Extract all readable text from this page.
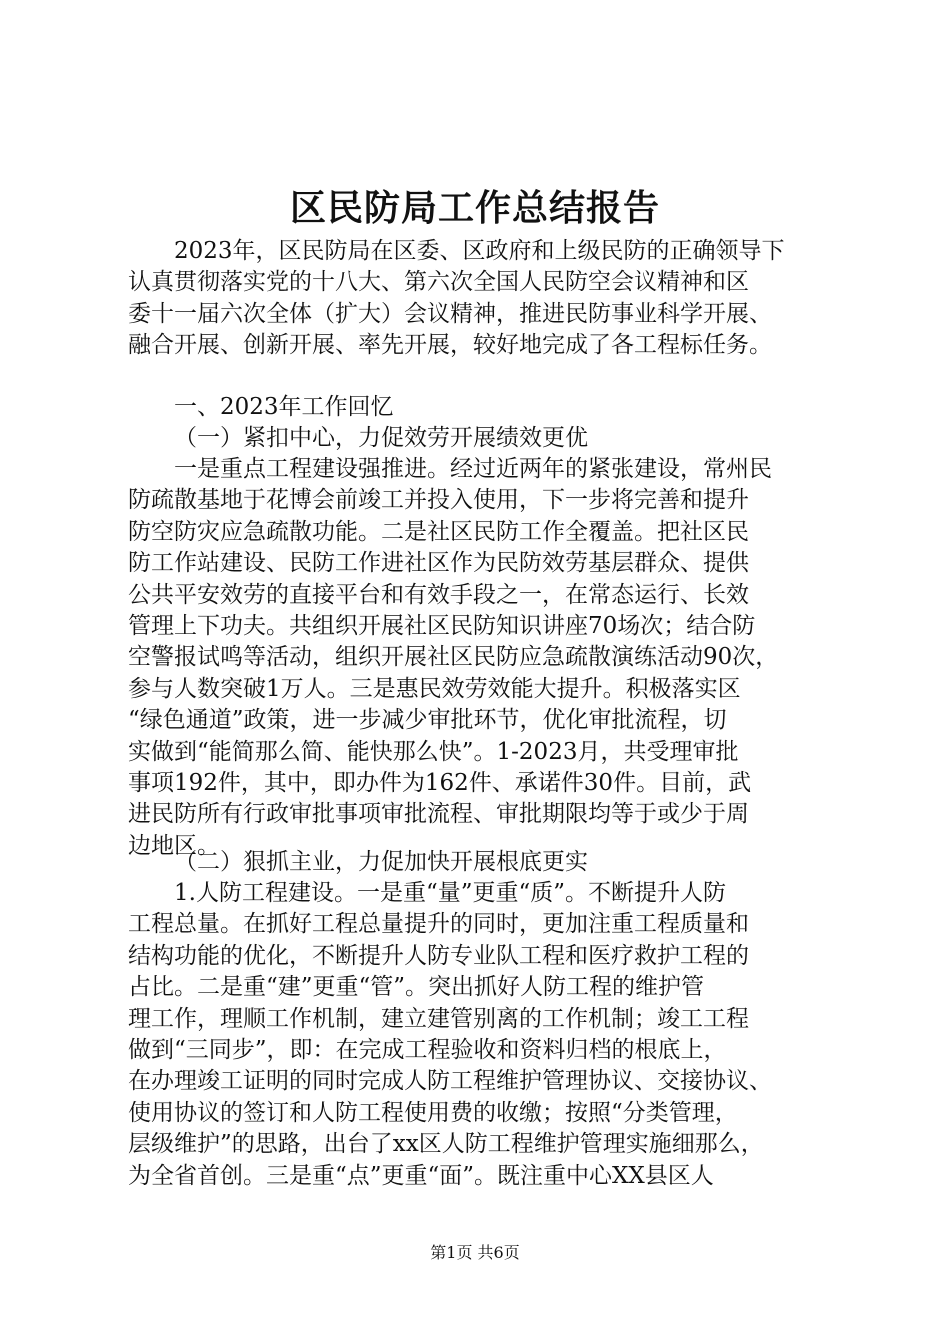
区民防局工作总结报告
2023年，区民防局在区委、区政府和上级民防的正确领导下
认真贯彻落实党的十八大、第六次全国人民防空会议精神和区
委十一届六次全体（扩大）会议精神，推进民防事业科学开展、
融合开展、创新开展、率先开展，较好地完成了各工程标任务。
一、2023年工作回忆
（一）紧扣中心，力促效劳开展绩效更优
一是重点工程建设强推进。经过近两年的紧张建设，常州民
防疏散基地于花博会前竣工并投入使用，下一步将完善和提升
防空防灾应急疏散功能。二是社区民防工作全覆盖。把社区民
防工作站建设、民防工作进社区作为民防效劳基层群众、提供
公共平安效劳的直接平台和有效手段之一，在常态运行、长效
管理上下功夫。共组织开展社区民防知识讲座70场次；结合防
空警报试鸣等活动，组织开展社区民防应急疏散演练活动90次，
参与人数突破1万人。三是惠民效劳效能大提升。积极落实区
“绿色通道”政策，进一步减少审批环节，优化审批流程，切
实做到“能简那么简、能快那么快”。1-2023月，共受理审批
事项192件，其中，即办件为162件、承诺件30件。目前，武
进民防所有行政审批事项审批流程、审批期限均等于或少于周
边地区。
（二）狠抓主业，力促加快开展根底更实
1.人防工程建设。一是重“量”更重“质”。不断提升人防
工程总量。在抓好工程总量提升的同时，更加注重工程质量和
结构功能的优化，不断提升人防专业队工程和医疗救护工程的
占比。二是重“建”更重“管”。突出抓好人防工程的维护管
理工作，理顺工作机制，建立建管别离的工作机制；竣工工程
做到“三同步”，即：在完成工程验收和资料归档的根底上，
在办理竣工证明的同时完成人防工程维护管理协议、交接协议、
使用协议的签订和人防工程使用费的收缴；按照“分类管理，
层级维护”的思路，出台了xx区人防工程维护管理实施细那么，
为全省首创。三是重“点”更重“面”。既注重中心XX县区人
第1页 共6页
